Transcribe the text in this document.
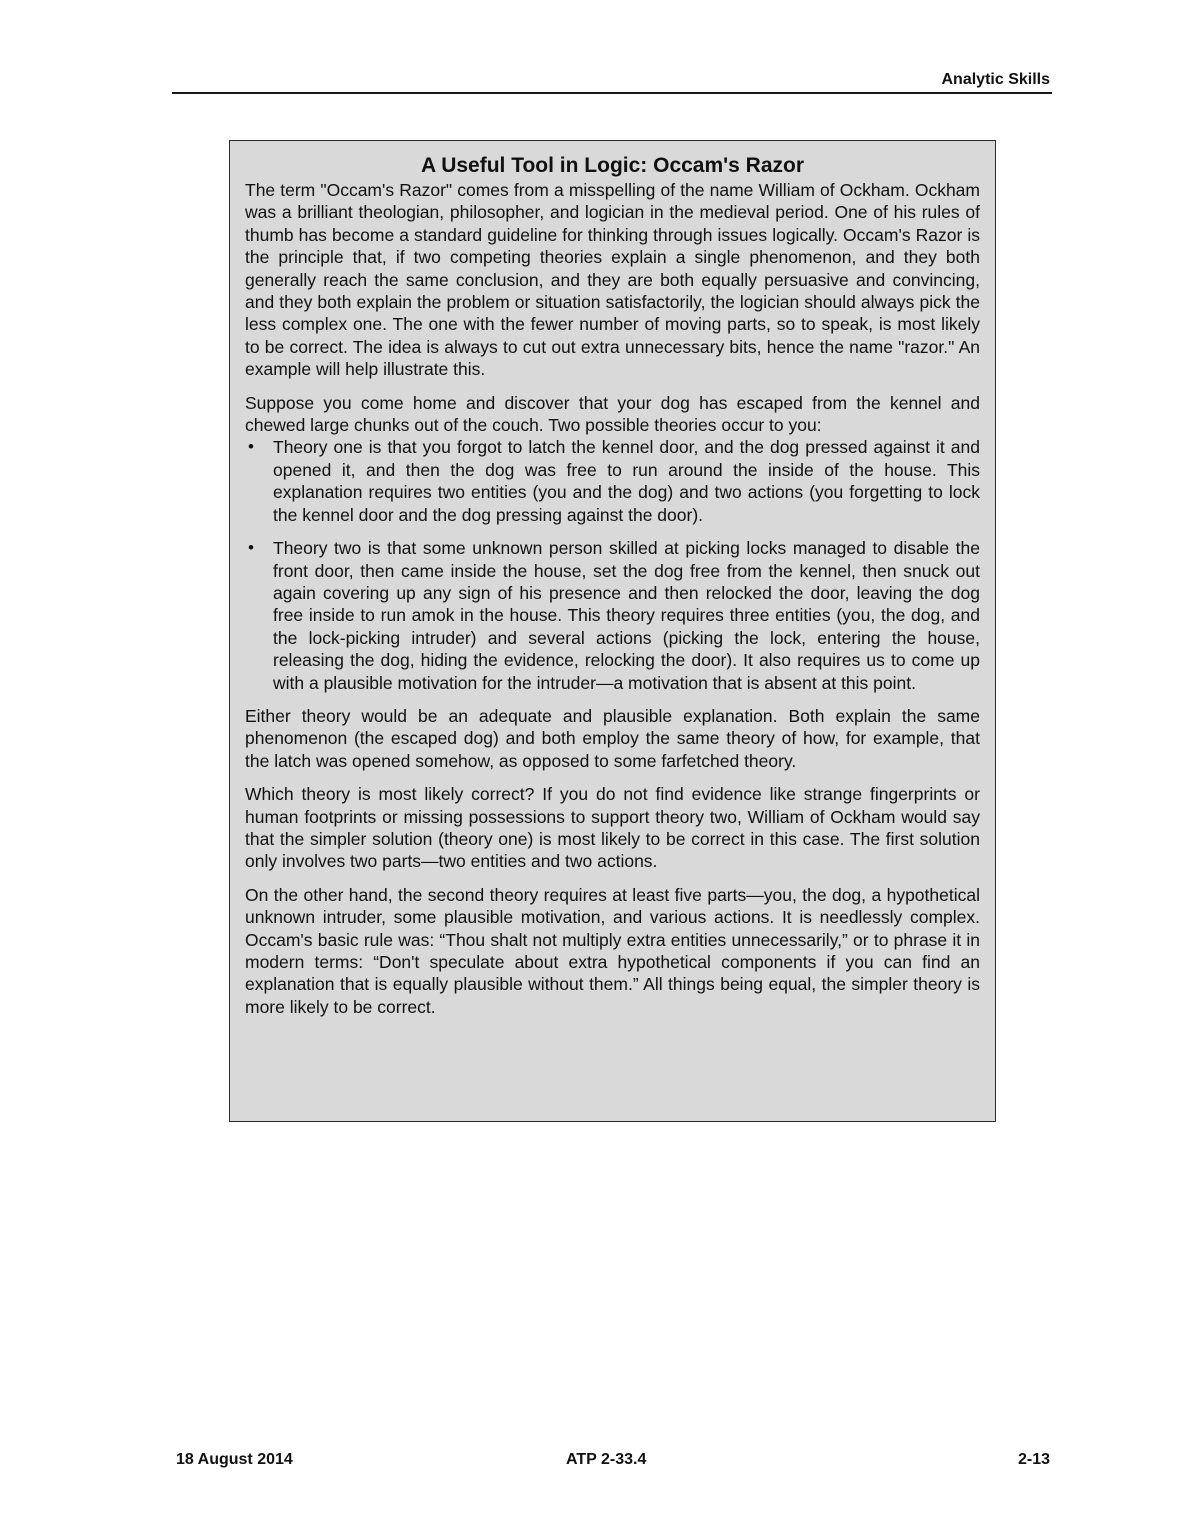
Analytic Skills
A Useful Tool in Logic: Occam's Razor

The term "Occam's Razor" comes from a misspelling of the name William of Ockham. Ockham was a brilliant theologian, philosopher, and logician in the medieval period. One of his rules of thumb has become a standard guideline for thinking through issues logically. Occam's Razor is the principle that, if two competing theories explain a single phenomenon, and they both generally reach the same conclusion, and they are both equally persuasive and convincing, and they both explain the problem or situation satisfactorily, the logician should always pick the less complex one. The one with the fewer number of moving parts, so to speak, is most likely to be correct. The idea is always to cut out extra unnecessary bits, hence the name "razor." An example will help illustrate this.

Suppose you come home and discover that your dog has escaped from the kennel and chewed large chunks out of the couch. Two possible theories occur to you:

• Theory one is that you forgot to latch the kennel door, and the dog pressed against it and opened it, and then the dog was free to run around the inside of the house. This explanation requires two entities (you and the dog) and two actions (you forgetting to lock the kennel door and the dog pressing against the door).
• Theory two is that some unknown person skilled at picking locks managed to disable the front door, then came inside the house, set the dog free from the kennel, then snuck out again covering up any sign of his presence and then relocked the door, leaving the dog free inside to run amok in the house. This theory requires three entities (you, the dog, and the lock-picking intruder) and several actions (picking the lock, entering the house, releasing the dog, hiding the evidence, relocking the door). It also requires us to come up with a plausible motivation for the intruder—a motivation that is absent at this point.

Either theory would be an adequate and plausible explanation. Both explain the same phenomenon (the escaped dog) and both employ the same theory of how, for example, that the latch was opened somehow, as opposed to some farfetched theory.

Which theory is most likely correct? If you do not find evidence like strange fingerprints or human footprints or missing possessions to support theory two, William of Ockham would say that the simpler solution (theory one) is most likely to be correct in this case. The first solution only involves two parts—two entities and two actions.

On the other hand, the second theory requires at least five parts—you, the dog, a hypothetical unknown intruder, some plausible motivation, and various actions. It is needlessly complex. Occam's basic rule was: “Thou shalt not multiply extra entities unnecessarily,” or to phrase it in modern terms: “Don't speculate about extra hypothetical components if you can find an explanation that is equally plausible without them.” All things being equal, the simpler theory is more likely to be correct.

18 August 2014	ATP 2-33.4	2-13
